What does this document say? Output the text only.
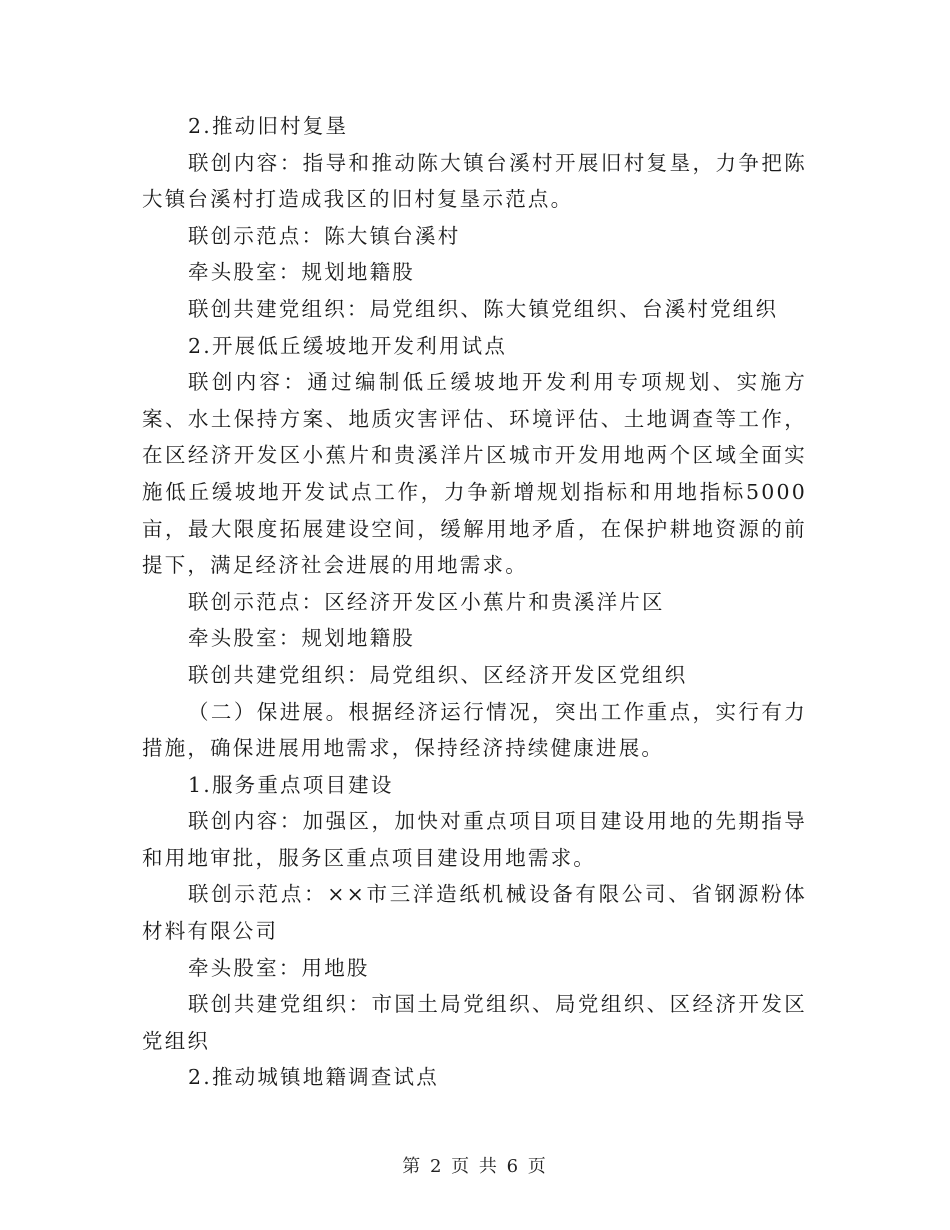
2.推动旧村复垦

联创内容：指导和推动陈大镇台溪村开展旧村复垦，力争把陈大镇台溪村打造成我区的旧村复垦示范点。

联创示范点：陈大镇台溪村

牵头股室：规划地籍股

联创共建党组织：局党组织、陈大镇党组织、台溪村党组织

2.开展低丘缓坡地开发利用试点

联创内容：通过编制低丘缓坡地开发利用专项规划、实施方案、水土保持方案、地质灾害评估、环境评估、土地调查等工作，在区经济开发区小蕉片和贵溪洋片区城市开发用地两个区域全面实施低丘缓坡地开发试点工作，力争新增规划指标和用地指标5000亩，最大限度拓展建设空间，缓解用地矛盾，在保护耕地资源的前提下，满足经济社会进展的用地需求。

联创示范点：区经济开发区小蕉片和贵溪洋片区

牵头股室：规划地籍股

联创共建党组织：局党组织、区经济开发区党组织

（二）保进展。根据经济运行情况，突出工作重点，实行有力措施，确保进展用地需求，保持经济持续健康进展。

1.服务重点项目建设

联创内容：加强区，加快对重点项目项目建设用地的先期指导和用地审批，服务区重点项目建设用地需求。

联创示范点：××市三洋造纸机械设备有限公司、省钢源粉体材料有限公司

牵头股室：用地股

联创共建党组织：市国土局党组织、局党组织、区经济开发区党组织

2.推动城镇地籍调查试点

第 2 页 共 6 页
